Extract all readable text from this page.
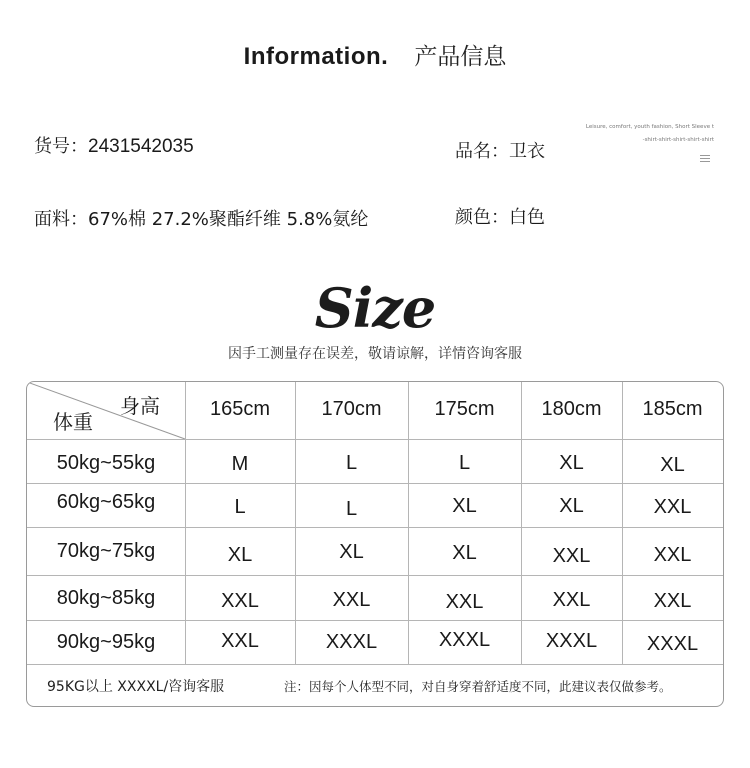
Information. 产品信息
货号 ： 2431542035	品名 ： 卫衣
面料 ： 67%棉 27.2%聚酯纤维 5.8%氨纶	颜色 ： 白色
Leisure, comfort, youth fashion, Short Sleeve t
-shirt-shirt-shirt-shirt-shirt
Size
因手工测量存在误差，敬请谅解，详情咨询客服
身高
体重
165cm	170cm	175cm	180cm	185cm
50kg~55kg	M	L	L	XL	XL
60kg~65kg	L	L	XL	XL	XXL
70kg~75kg	XL	XL	XL	XXL	XXL
80kg~85kg	XXL	XXL	XXL	XXL	XXL
90kg~95kg	XXL	XXXL	XXXL	XXXL	XXXL
95KG以上 XXXXL/咨询客服	注：因每个人体型不同，对自身穿着舒适度不同，此建议表仅做参考。
